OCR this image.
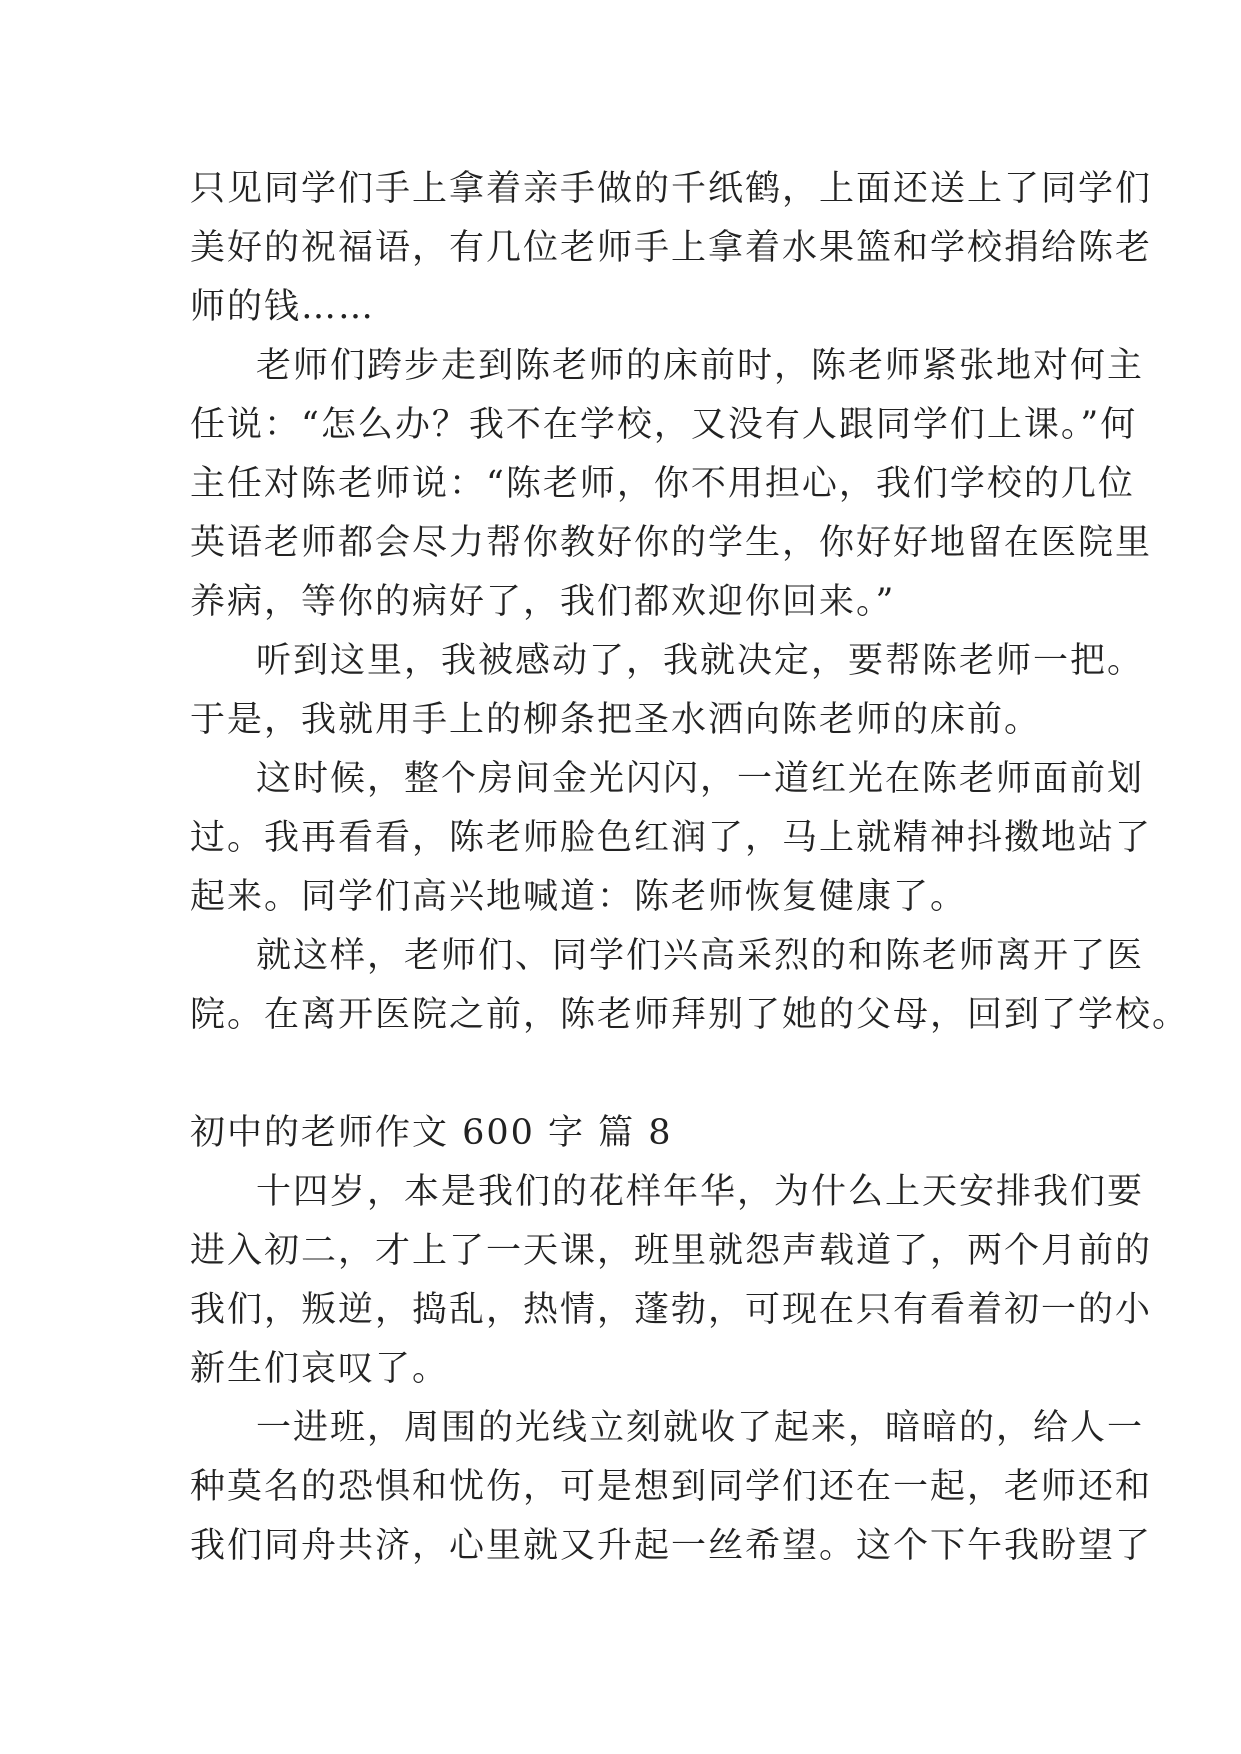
只见同学们手上拿着亲手做的千纸鹤，上面还送上了同学们
美好的祝福语，有几位老师手上拿着水果篮和学校捐给陈老
师的钱……
老师们跨步走到陈老师的床前时，陈老师紧张地对何主
任说：“怎么办？我不在学校，又没有人跟同学们上课。”何
主任对陈老师说：“陈老师，你不用担心，我们学校的几位
英语老师都会尽力帮你教好你的学生，你好好地留在医院里
养病，等你的病好了，我们都欢迎你回来。”
听到这里，我被感动了，我就决定，要帮陈老师一把。
于是，我就用手上的柳条把圣水洒向陈老师的床前。
这时候，整个房间金光闪闪，一道红光在陈老师面前划
过。我再看看，陈老师脸色红润了，马上就精神抖擞地站了
起来。同学们高兴地喊道：陈老师恢复健康了。
就这样，老师们、同学们兴高采烈的和陈老师离开了医
院。在离开医院之前，陈老师拜别了她的父母，回到了学校。
初中的老师作文 600 字 篇 8
十四岁，本是我们的花样年华，为什么上天安排我们要
进入初二，才上了一天课，班里就怨声载道了，两个月前的
我们，叛逆，捣乱，热情，蓬勃，可现在只有看着初一的小
新生们哀叹了。
一进班，周围的光线立刻就收了起来，暗暗的，给人一
种莫名的恐惧和忧伤，可是想到同学们还在一起，老师还和
我们同舟共济，心里就又升起一丝希望。这个下午我盼望了
